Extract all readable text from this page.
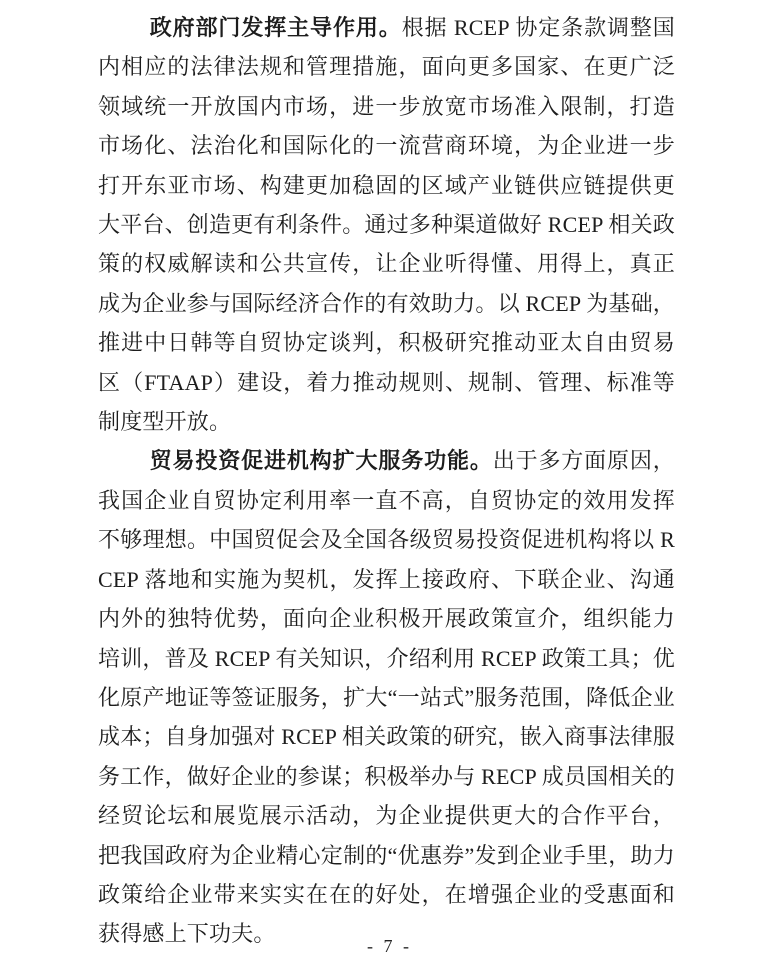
政府部门发挥主导作用。根据 RCEP 协定条款调整国内相应的法律法规和管理措施，面向更多国家、在更广泛领域统一开放国内市场，进一步放宽市场准入限制，打造市场化、法治化和国际化的一流营商环境，为企业进一步打开东亚市场、构建更加稳固的区域产业链供应链提供更大平台、创造更有利条件。通过多种渠道做好 RCEP 相关政策的权威解读和公共宣传，让企业听得懂、用得上，真正成为企业参与国际经济合作的有效助力。以 RCEP 为基础，推进中日韩等自贸协定谈判，积极研究推动亚太自由贸易区（FTAAP）建设，着力推动规则、规制、管理、标准等制度型开放。

贸易投资促进机构扩大服务功能。出于多方面原因，我国企业自贸协定利用率一直不高，自贸协定的效用发挥不够理想。中国贸促会及全国各级贸易投资促进机构将以 RCEP 落地和实施为契机，发挥上接政府、下联企业、沟通内外的独特优势，面向企业积极开展政策宣介，组织能力培训，普及 RCEP 有关知识，介绍利用 RCEP 政策工具；优化原产地证等签证服务，扩大“一站式”服务范围，降低企业成本；自身加强对 RCEP 相关政策的研究，嵌入商事法律服务工作，做好企业的参谋；积极举办与 RECP 成员国相关的经贸论坛和展览展示活动，为企业提供更大的合作平台，把我国政府为企业精心定制的“优惠券”发到企业手里，助力政策给企业带来实实在在的好处，在增强企业的受惠面和获得感上下功夫。	- 7 -
